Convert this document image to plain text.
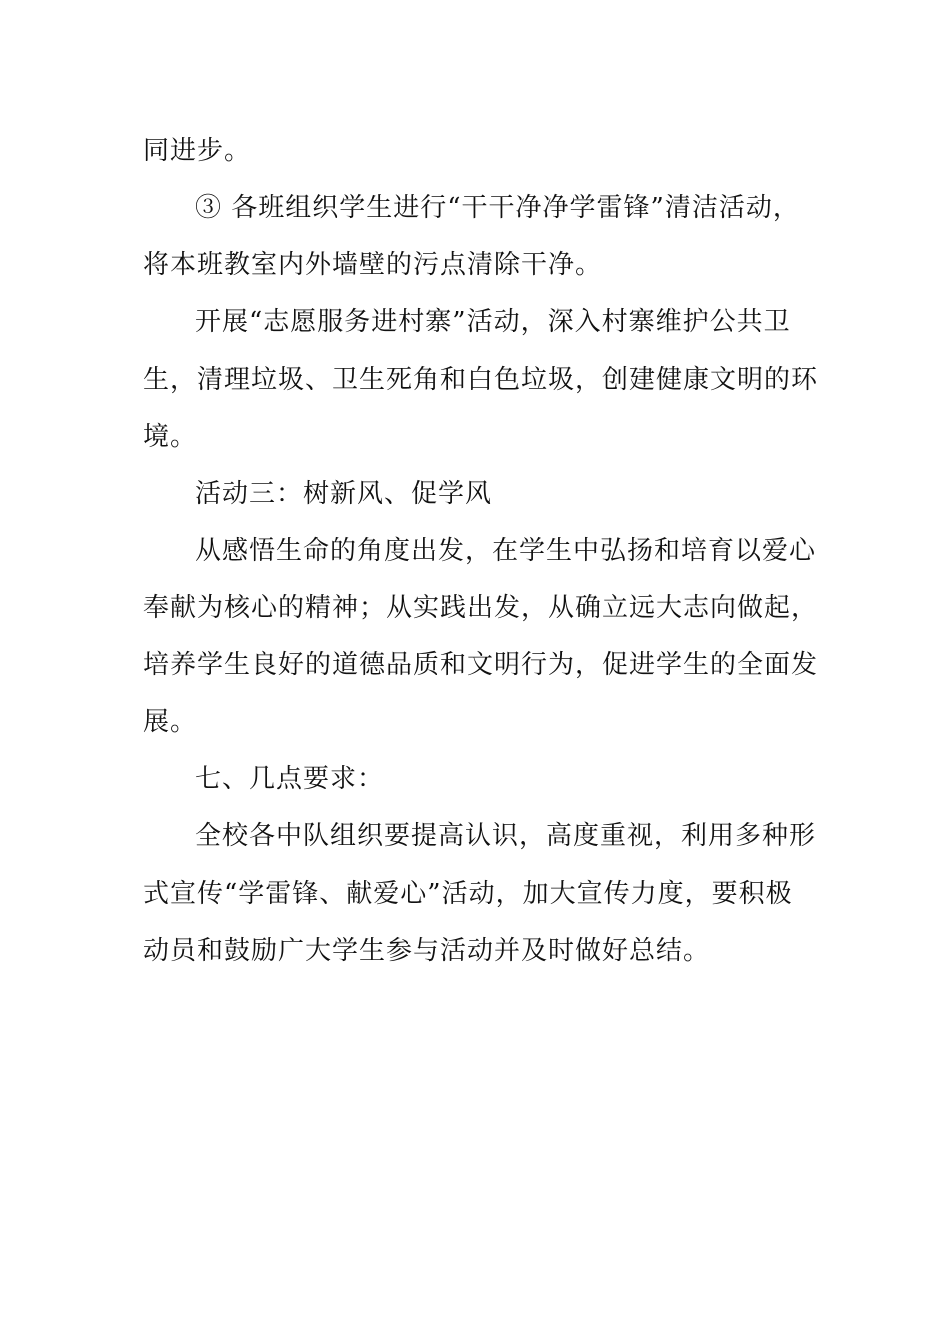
同进步。
③ 各班组织学生进行“干干净净学雷锋”清洁活动，
将本班教室内外墙壁的污点清除干净。
开展“志愿服务进村寨”活动，深入村寨维护公共卫
生，清理垃圾、卫生死角和白色垃圾，创建健康文明的环
境。
活动三：树新风、促学风
从感悟生命的角度出发，在学生中弘扬和培育以爱心
奉献为核心的精神；从实践出发，从确立远大志向做起，
培养学生良好的道德品质和文明行为，促进学生的全面发
展。
七、几点要求：
全校各中队组织要提高认识，高度重视，利用多种形
式宣传“学雷锋、献爱心”活动，加大宣传力度，要积极
动员和鼓励广大学生参与活动并及时做好总结。
